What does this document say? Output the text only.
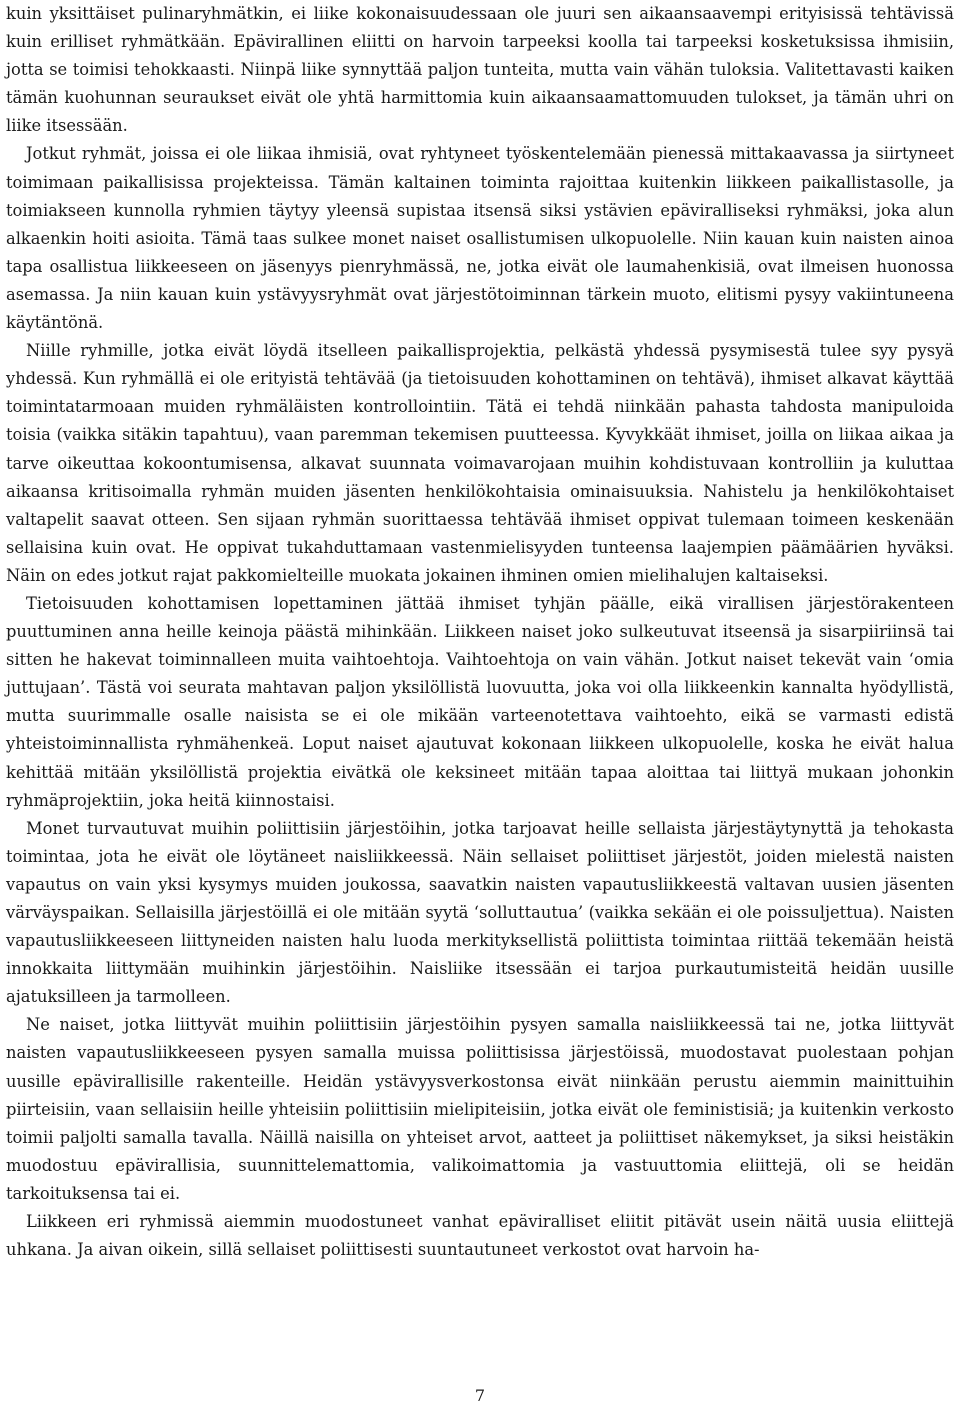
kuin yksittäiset pulinaryhmätkin, ei liike kokonaisuudessaan ole juuri sen aikaansaavempi erityisissä tehtävissä kuin erilliset ryhmätkään. Epävirallinen eliitti on harvoin tarpeeksi koolla tai tarpeeksi kosketuksissa ihmisiin, jotta se toimisi tehokkaasti. Niinpä liike synnyttää paljon tunteita, mutta vain vähän tuloksia. Valitettavasti kaiken tämän kuohunnan seuraukset eivät ole yhtä harmittomia kuin aikaansaamattomuuden tulokset, ja tämän uhri on liike itsessään.

Jotkut ryhmät, joissa ei ole liikaa ihmisiä, ovat ryhtyneet työskentelemään pienessä mittakaavassa ja siirtyneet toimimaan paikallisissa projekteissa. Tämän kaltainen toiminta rajoittaa kuitenkin liikkeen paikallistasolle, ja toimiakseen kunnolla ryhmien täytyy yleensä supistaa itsensä siksi ystävien epäviralliseksi ryhmäksi, joka alun alkaenkin hoiti asioita. Tämä taas sulkee monet naiset osallistumisen ulkopuolelle. Niin kauan kuin naisten ainoa tapa osallistua liikkeeseen on jäsenyys pienryhmässä, ne, jotka eivät ole laumahenkisiä, ovat ilmeisen huonossa asemassa. Ja niin kauan kuin ystävyysryhmät ovat järjestötoiminnan tärkein muoto, elitismi pysyy vakiintuneena käytäntönä.

Niille ryhmille, jotka eivät löydä itselleen paikallisprojektia, pelkästä yhdessä pysymisestä tulee syy pysyä yhdessä. Kun ryhmällä ei ole erityistä tehtävää (ja tietoisuuden kohottaminen on tehtävä), ihmiset alkavat käyttää toimintatarmoaan muiden ryhmäläisten kontrollointiin. Tätä ei tehdä niinkään pahasta tahdosta manipuloida toisia (vaikka sitäkin tapahtuu), vaan paremman tekemisen puutteessa. Kyvykkäät ihmiset, joilla on liikaa aikaa ja tarve oikeuttaa kokoontumisensa, alkavat suunnata voimavarojaan muihin kohdistuvaan kontrolliin ja kuluttaa aikaansa kritisoimalla ryhmän muiden jäsenten henkilökohtaisia ominaisuuksia. Nahistelu ja henkilökohtaiset valtapelit saavat otteen. Sen sijaan ryhmän suorittaessa tehtävää ihmiset oppivat tulemaan toimeen keskenään sellaisina kuin ovat. He oppivat tukahduttamaan vastenmielisyyden tunteensa laajempien päämäärien hyväksi. Näin on edes jotkut rajat pakkomielteille muokata jokainen ihminen omien mielihalujen kaltaiseksi.

Tietoisuuden kohottamisen lopettaminen jättää ihmiset tyhjän päälle, eikä virallisen järjestörakenteen puuttuminen anna heille keinoja päästä mihinkään. Liikkeen naiset joko sulkeutuvat itseensä ja sisarpiiriinsä tai sitten he hakevat toiminnalleen muita vaihtoehtoja. Vaihtoehtoja on vain vähän. Jotkut naiset tekevät vain ‘omia juttujaan’. Tästä voi seurata mahtavan paljon yksilöllistä luovuutta, joka voi olla liikkeenkin kannalta hyödyllistä, mutta suurimmalle osalle naisista se ei ole mikään varteenotettava vaihtoehto, eikä se varmasti edistä yhteistoiminnallista ryhmähenkeä. Loput naiset ajautuvat kokonaan liikkeen ulkopuolelle, koska he eivät halua kehittää mitään yksilöllistä projektia eivätkä ole keksineet mitään tapaa aloittaa tai liittyä mukaan johonkin ryhmäprojektiin, joka heitä kiinnostaisi.

Monet turvautuvat muihin poliittisiin järjestöihin, jotka tarjoavat heille sellaista järjestäytynyttä ja tehokasta toimintaa, jota he eivät ole löytäneet naisliikkeessä. Näin sellaiset poliittiset järjestöt, joiden mielestä naisten vapautus on vain yksi kysymys muiden joukossa, saavatkin naisten vapautusliikkeestä valtavan uusien jäsenten värväyspaikan. Sellaisilla järjestöillä ei ole mitään syytä ‘solluttautua’ (vaikka sekään ei ole poissuljettua). Naisten vapautusliikkeeseen liittyneiden naisten halu luoda merkityksellistä poliittista toimintaa riittää tekemään heistä innokkaita liittymään muihinkin järjestöihin. Naisliike itsessään ei tarjoa purkautumisteitä heidän uusille ajatuksilleen ja tarmolleen.

Ne naiset, jotka liittyvät muihin poliittisiin järjestöihin pysyen samalla naisliikkeessä tai ne, jotka liittyvät naisten vapautusliikkeeseen pysyen samalla muissa poliittisissa järjestöissä, muodostavat puolestaan pohjan uusille epävirallisille rakenteille. Heidän ystävyysverkostonsa eivät niinkään perustu aiemmin mainittuihin piirteisiin, vaan sellaisiin heille yhteisiin poliittisiin mielipiteisiin, jotka eivät ole feministisiä; ja kuitenkin verkosto toimii paljolti samalla tavalla. Näillä naisilla on yhteiset arvot, aatteet ja poliittiset näkemykset, ja siksi heistäkin muodostuu epävirallisia, suunnittelemattomia, valikoimattomia ja vastuuttomia eliittejä, oli se heidän tarkoituksensa tai ei.

Liikkeen eri ryhmissä aiemmin muodostuneet vanhat epäviralliset eliitit pitävät usein näitä uusia eliittejä uhkana. Ja aivan oikein, sillä sellaiset poliittisesti suuntautuneet verkostot ovat harvoin ha-

7
